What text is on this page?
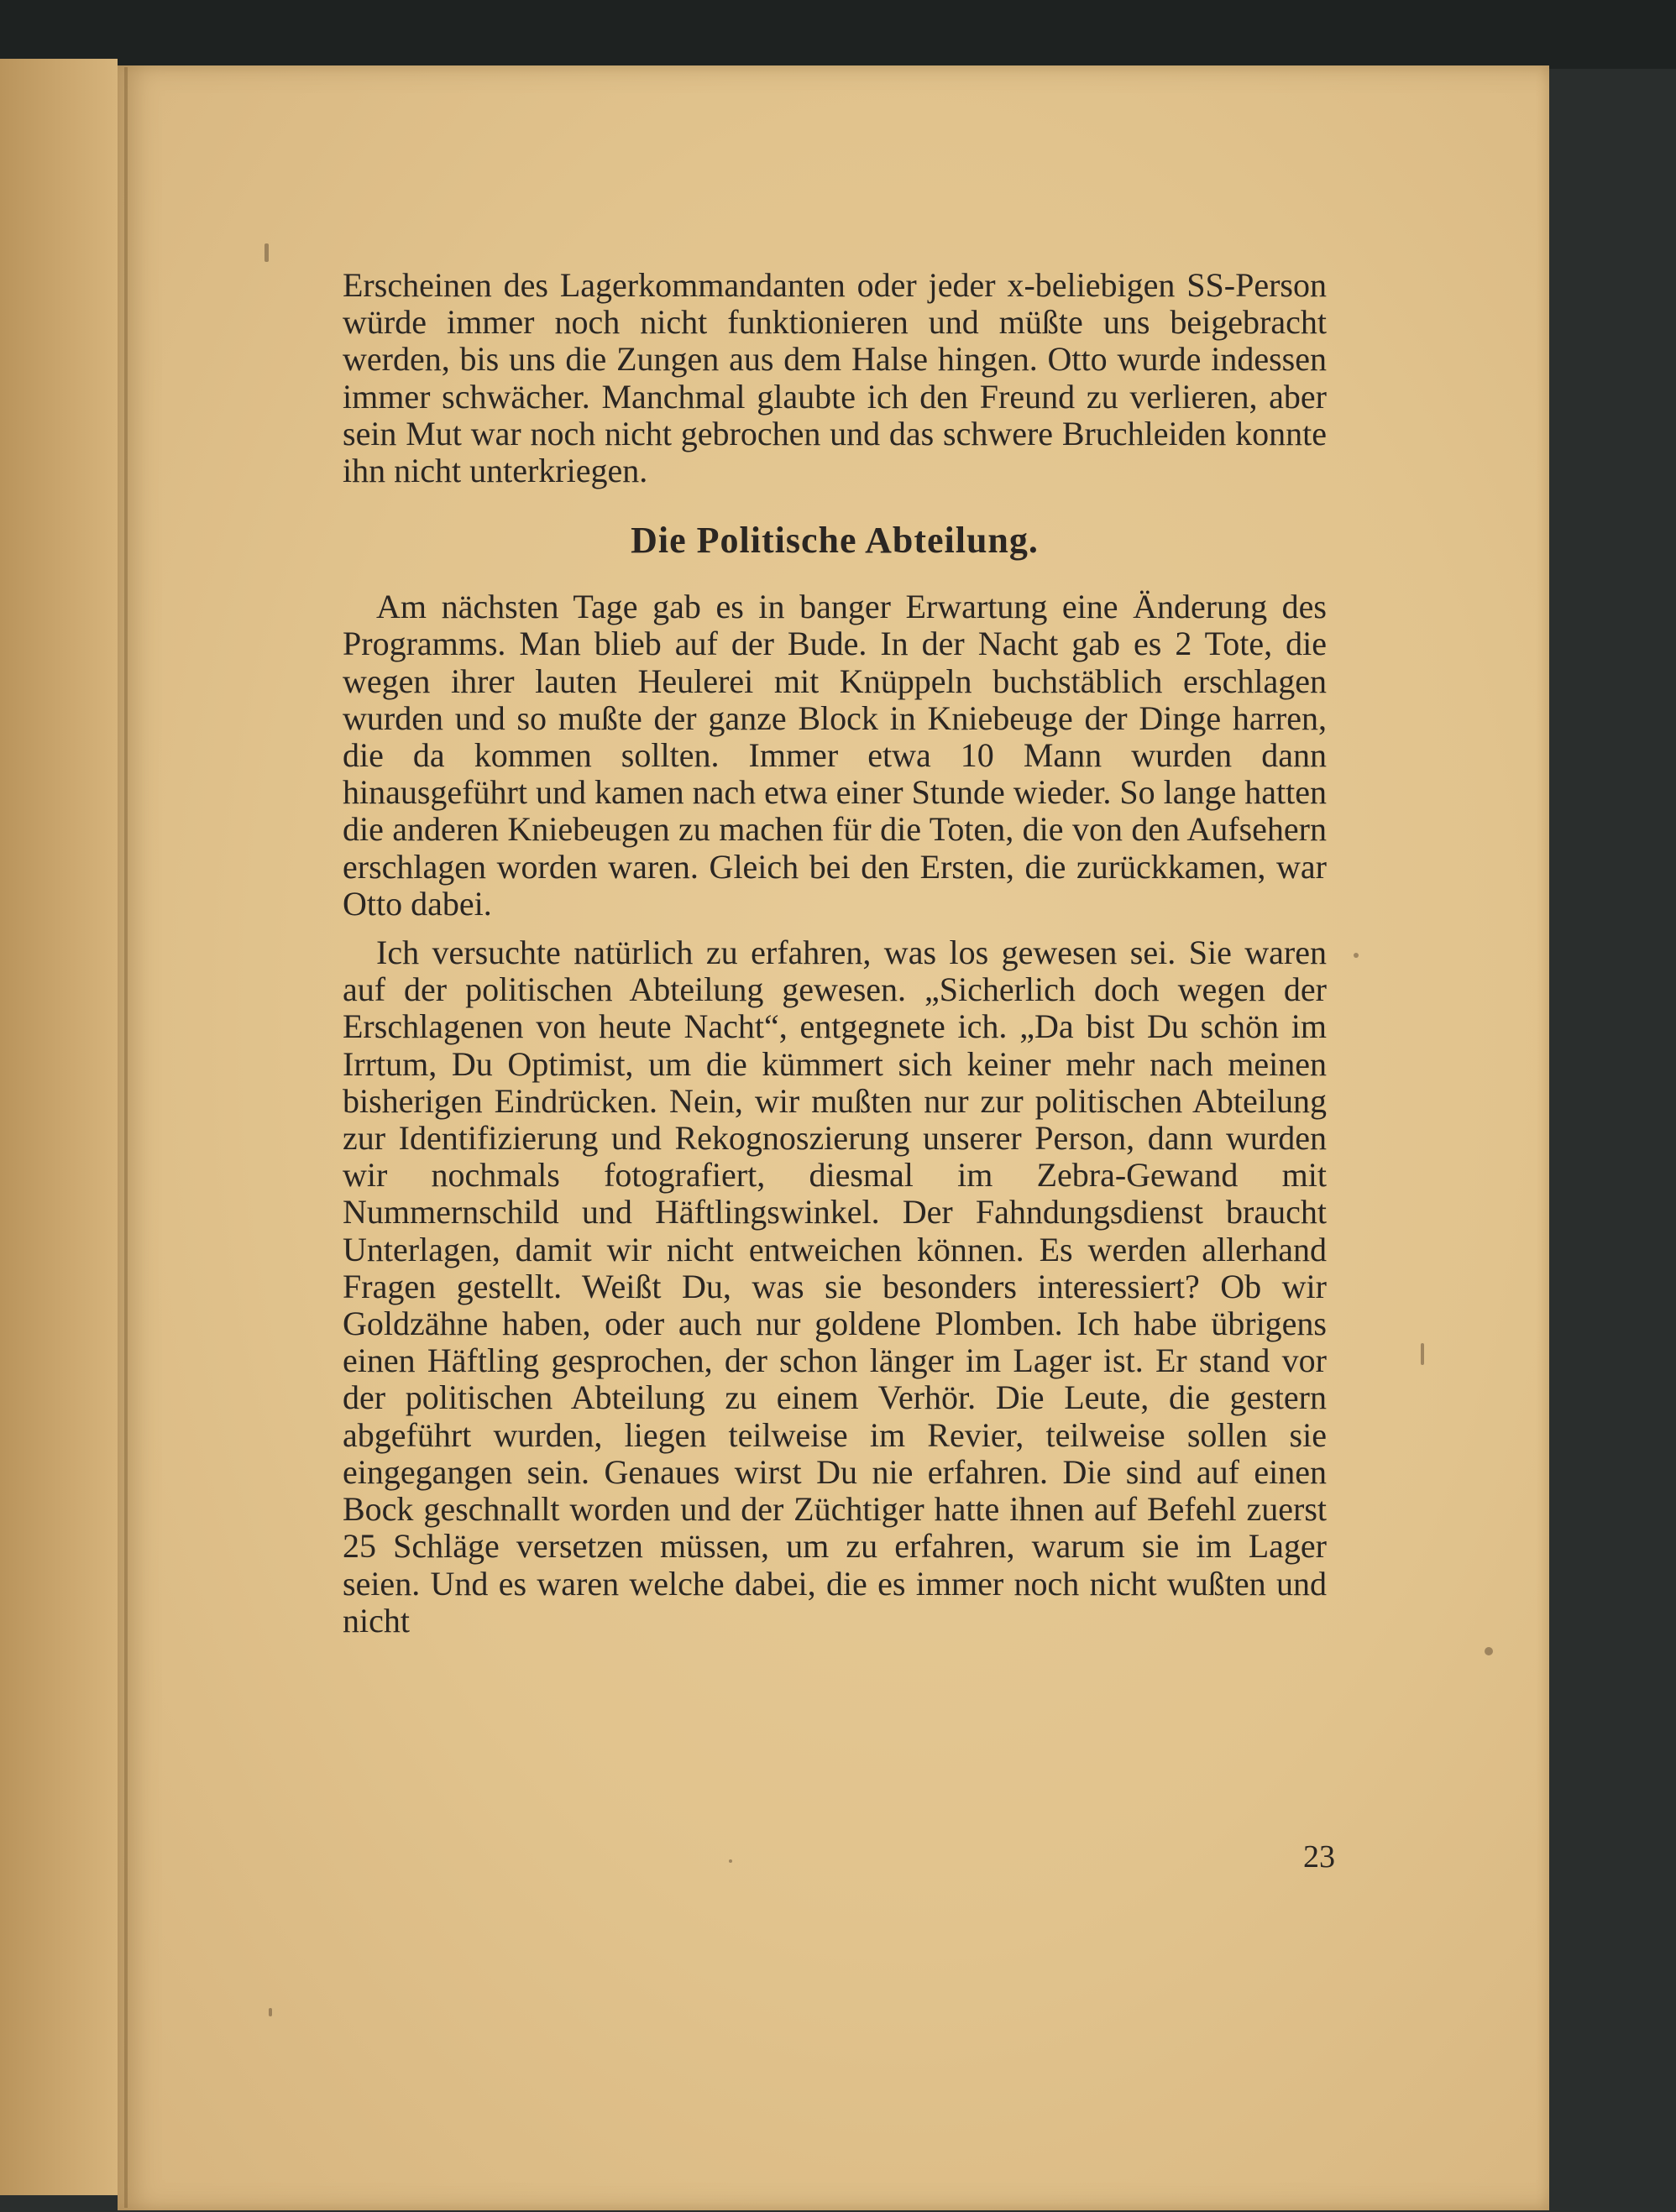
Erscheinen des Lagerkommandanten oder jeder x-beliebigen SS-Person würde immer noch nicht funktionieren und müßte uns beigebracht werden, bis uns die Zungen aus dem Halse hingen. Otto wurde indessen immer schwächer. Manchmal glaubte ich den Freund zu verlieren, aber sein Mut war noch nicht gebrochen und das schwere Bruchleiden konnte ihn nicht unterkriegen.

Die Politische Abteilung.

Am nächsten Tage gab es in banger Erwartung eine Änderung des Programms. Man blieb auf der Bude. In der Nacht gab es 2 Tote, die wegen ihrer lauten Heulerei mit Knüppeln buchstäblich erschlagen wurden und so mußte der ganze Block in Kniebeuge der Dinge harren, die da kommen sollten. Immer etwa 10 Mann wurden dann hinausgeführt und kamen nach etwa einer Stunde wieder. So lange hatten die anderen Kniebeugen zu machen für die Toten, die von den Aufsehern erschlagen worden waren. Gleich bei den Ersten, die zurückkamen, war Otto dabei.

Ich versuchte natürlich zu erfahren, was los gewesen sei. Sie waren auf der politischen Abteilung gewesen. „Sicherlich doch wegen der Erschlagenen von heute Nacht“, entgegnete ich. „Da bist Du schön im Irrtum, Du Optimist, um die kümmert sich keiner mehr nach meinen bisherigen Eindrücken. Nein, wir mußten nur zur politischen Abteilung zur Identifizierung und Rekognoszierung unserer Person, dann wurden wir nochmals fotografiert, diesmal im Zebra-Gewand mit Nummernschild und Häftlingswinkel. Der Fahndungsdienst braucht Unterlagen, damit wir nicht entweichen können. Es werden allerhand Fragen gestellt. Weißt Du, was sie besonders interessiert? Ob wir Goldzähne haben, oder auch nur goldene Plomben. Ich habe übrigens einen Häftling gesprochen, der schon länger im Lager ist. Er stand vor der politischen Abteilung zu einem Verhör. Die Leute, die gestern abgeführt wurden, liegen teilweise im Revier, teilweise sollen sie eingegangen sein. Genaues wirst Du nie erfahren. Die sind auf einen Bock geschnallt worden und der Züchtiger hatte ihnen auf Befehl zuerst 25 Schläge versetzen müssen, um zu erfahren, warum sie im Lager seien. Und es waren welche dabei, die es immer noch nicht wußten und nicht

23
